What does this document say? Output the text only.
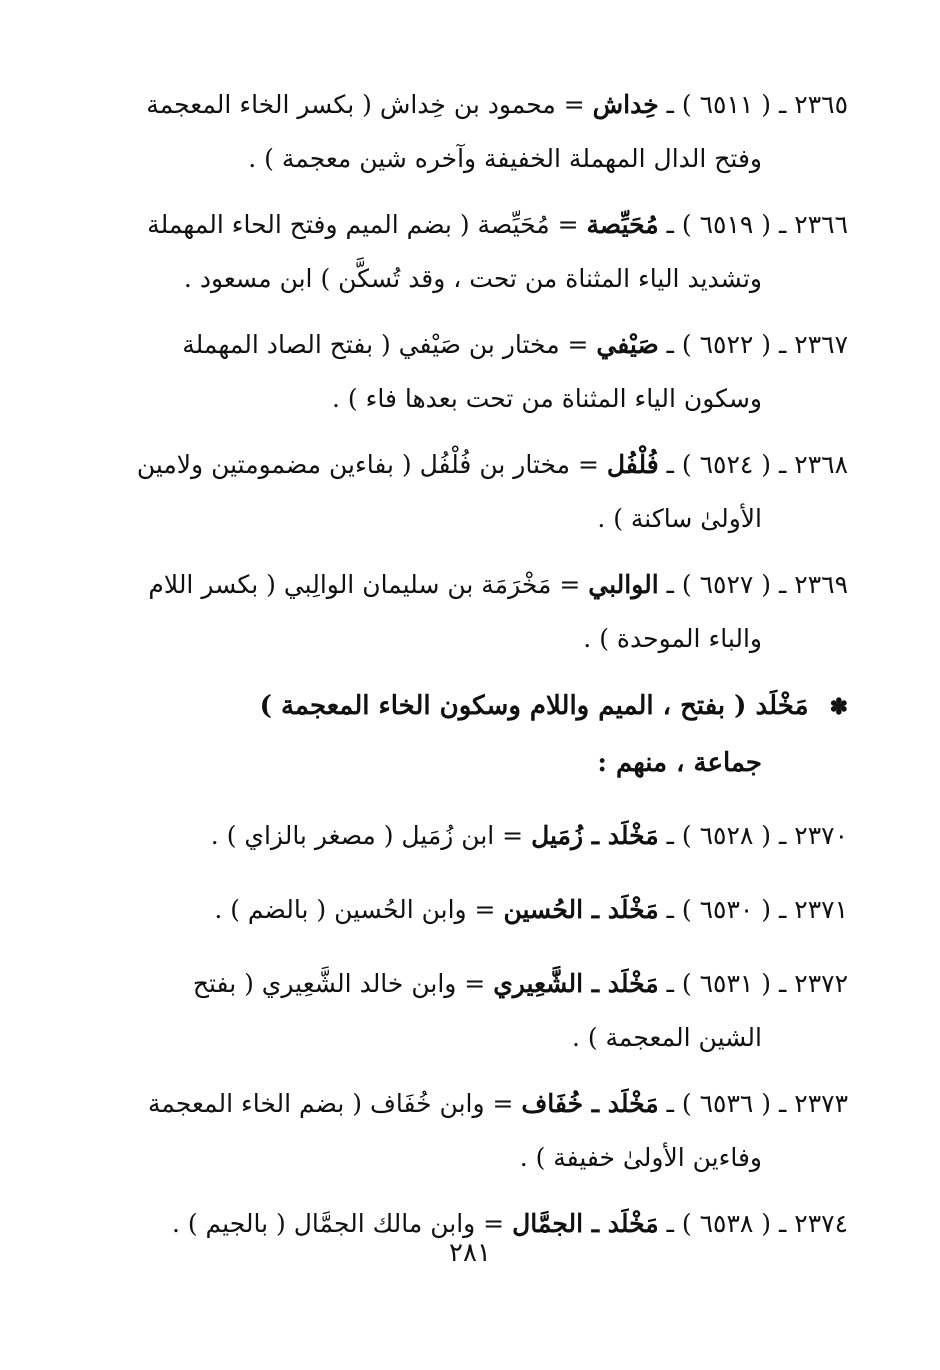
٢٣٦٥ ـ ( ٦٥١١ ) ـ خِداش = محمود بن خِداش ( بكسر الخاء المعجمة
وفتح الدال المهملة الخفيفة وآخره شين معجمة ) .
٢٣٦٦ ـ ( ٦٥١٩ ) ـ مُحَيِّصة = مُحَيِّصة ( بضم الميم وفتح الحاء المهملة
وتشديد الياء المثناة من تحت ، وقد تُسكَّن ) ابن مسعود .
٢٣٦٧ ـ ( ٦٥٢٢ ) ـ صَيْفي = مختار بن صَيْفي ( بفتح الصاد المهملة
وسكون الياء المثناة من تحت بعدها فاء ) .
٢٣٦٨ ـ ( ٦٥٢٤ ) ـ فُلْفُل = مختار بن فُلْفُل ( بفاءين مضمومتين ولامين
الأولىٰ ساكنة ) .
٢٣٦٩ ـ ( ٦٥٢٧ ) ـ الوالبي = مَخْرَمَة بن سليمان الوالِبي ( بكسر اللام
والباء الموحدة ) .
✽ مَخْلَد ( بفتح ، الميم واللام وسكون الخاء المعجمة )
جماعة ، منهم :
٢٣٧٠ ـ ( ٦٥٢٨ ) ـ مَخْلَد ـ زُمَيل = ابن زُمَيل ( مصغر بالزاي ) .
٢٣٧١ ـ ( ٦٥٣٠ ) ـ مَخْلَد ـ الحُسين = وابن الحُسين ( بالضم ) .
٢٣٧٢ ـ ( ٦٥٣١ ) ـ مَخْلَد ـ الشَّعِيري = وابن خالد الشَّعِيري ( بفتح
الشين المعجمة ) .
٢٣٧٣ ـ ( ٦٥٣٦ ) ـ مَخْلَد ـ خُفَاف = وابن خُفَاف ( بضم الخاء المعجمة
وفاءين الأولىٰ خفيفة ) .
٢٣٧٤ ـ ( ٦٥٣٨ ) ـ مَخْلَد ـ الجمَّال = وابن مالك الجمَّال ( بالجيم ) .
٢٨١
